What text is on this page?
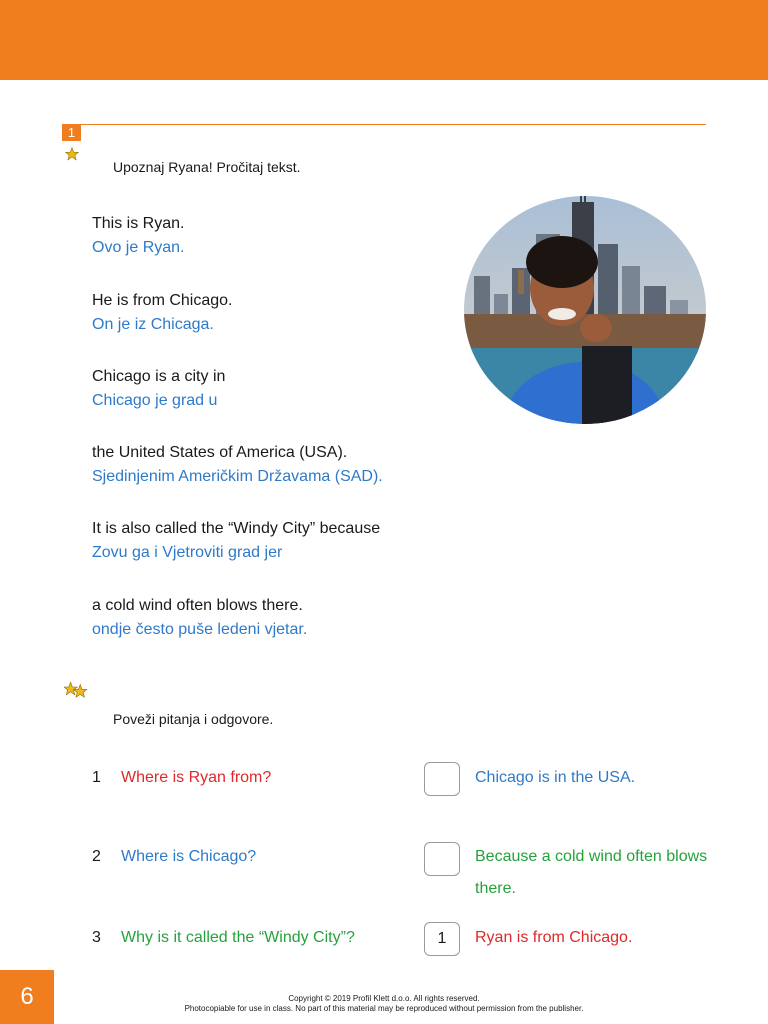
1
Upoznaj Ryana! Pročitaj tekst.
This is Ryan.
Ovo je Ryan.
He is from Chicago.
On je iz Chicaga.
Chicago is a city in
Chicago je grad u
the United States of America (USA).
Sjedinjenim Američkim Državama (SAD).
It is also called the “Windy City” because
Zovu ga i Vjetroviti grad jer
a cold wind often blows there.
ondje često puše ledeni vjetar.
Poveži pitanja i odgovore.
1 Where is Ryan from?	Chicago is in the USA.
2 Where is Chicago?	Because a cold wind often blows there.
3 Why is it called the “Windy City”?	1	Ryan is from Chicago.
6	Copyright © 2019 Profil Klett d.o.o. All rights reserved.
Photocopiable for use in class. No part of this material may be reproduced without permission from the publisher.
